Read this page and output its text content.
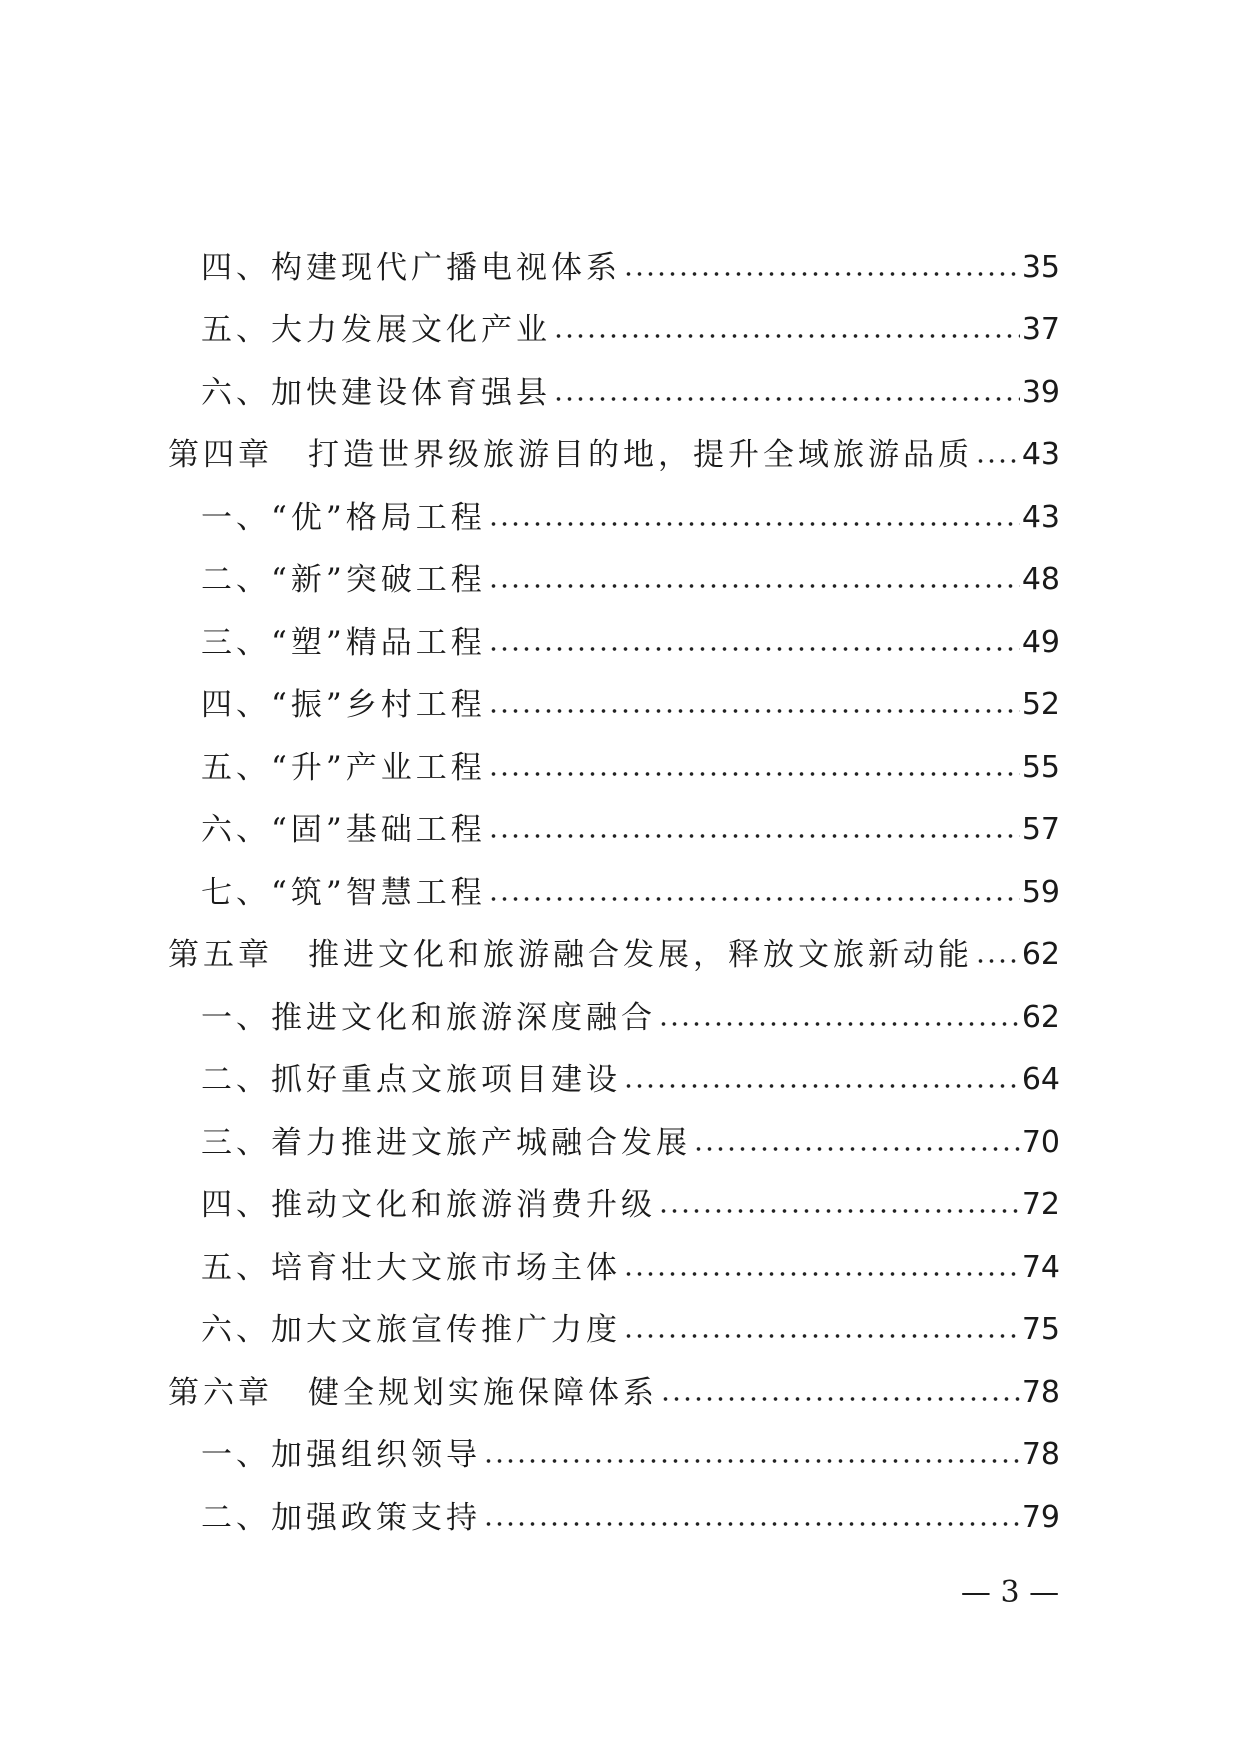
四、构建现代广播电视体系	35
五、大力发展文化产业	37
六、加快建设体育强县	39
第四章　打造世界级旅游目的地，提升全域旅游品质 43
一、“优”格局工程	43
二、“新”突破工程	48
三、“塑”精品工程	49
四、“振”乡村工程	52
五、“升”产业工程	55
六、“固”基础工程	57
七、“筑”智慧工程	59
第五章　推进文化和旅游融合发展，释放文旅新动能 62
一、推进文化和旅游深度融合	62
二、抓好重点文旅项目建设	64
三、着力推进文旅产城融合发展	70
四、推动文化和旅游消费升级	72
五、培育壮大文旅市场主体	74
六、加大文旅宣传推广力度	75
第六章　健全规划实施保障体系	78
一、加强组织领导	78
二、加强政策支持	79
— 3 —
